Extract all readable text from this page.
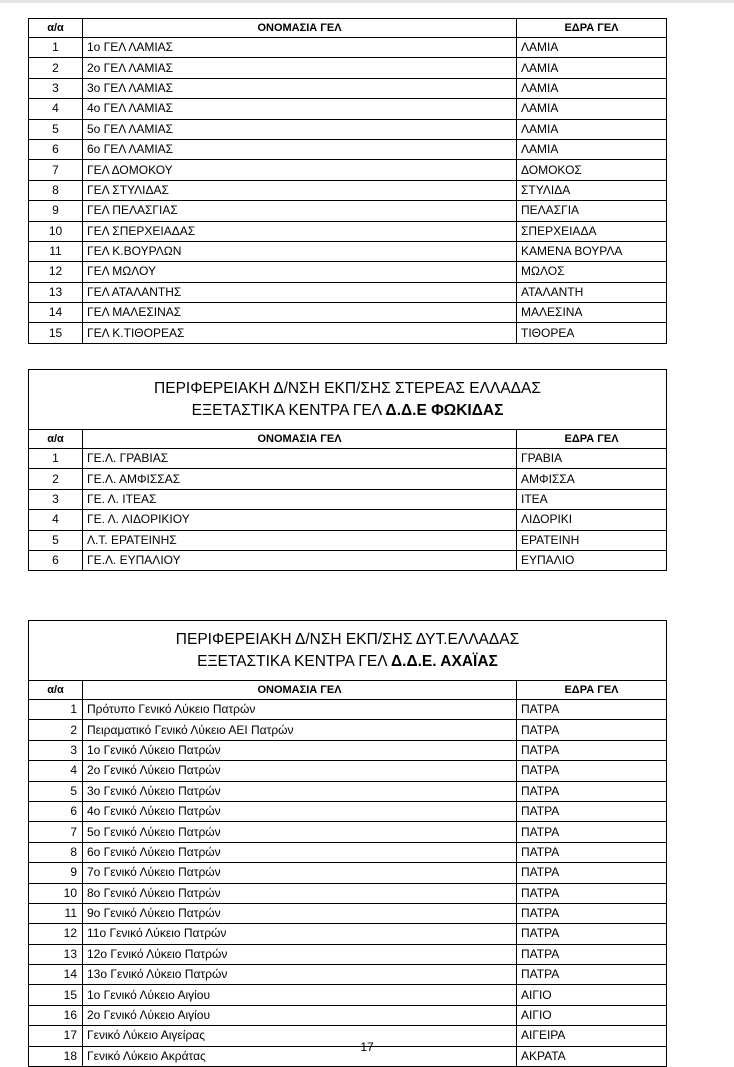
α/α	ΟΝΟΜΑΣΙΑ ΓΕΛ	ΕΔΡΑ ΓΕΛ
1	1ο ΓΕΛ ΛΑΜΙΑΣ	ΛΑΜΙΑ
2	2ο ΓΕΛ ΛΑΜΙΑΣ	ΛΑΜΙΑ
3	3ο ΓΕΛ ΛΑΜΙΑΣ	ΛΑΜΙΑ
4	4ο ΓΕΛ ΛΑΜΙΑΣ	ΛΑΜΙΑ
5	5ο ΓΕΛ ΛΑΜΙΑΣ	ΛΑΜΙΑ
6	6ο ΓΕΛ ΛΑΜΙΑΣ	ΛΑΜΙΑ
7	ΓΕΛ ΔΟΜΟΚΟΥ	ΔΟΜΟΚΟΣ
8	ΓΕΛ ΣΤΥΛΙΔΑΣ	ΣΤΥΛΙΔΑ
9	ΓΕΛ ΠΕΛΑΣΓΙΑΣ	ΠΕΛΑΣΓΙΑ
10	ΓΕΛ ΣΠΕΡΧΕΙΑΔΑΣ	ΣΠΕΡΧΕΙΑΔΑ
11	ΓΕΛ Κ.ΒΟΥΡΛΩΝ	ΚΑΜΕΝΑ ΒΟΥΡΛΑ
12	ΓΕΛ ΜΩΛΟΥ	ΜΩΛΟΣ
13	ΓΕΛ ΑΤΑΛΑΝΤΗΣ	ΑΤΑΛΑΝΤΗ
14	ΓΕΛ ΜΑΛΕΣΙΝΑΣ	ΜΑΛΕΣΙΝΑ
15	ΓΕΛ Κ.ΤΙΘΟΡΕΑΣ	ΤΙΘΟΡΕΑ
ΠΕΡΙΦΕΡΕΙΑΚΗ Δ/ΝΣΗ ΕΚΠ/ΣΗΣ ΣΤΕΡΕΑΣ ΕΛΛΑΔΑΣ
ΕΞΕΤΑΣΤΙΚΑ ΚΕΝΤΡΑ ΓΕΛ Δ.Δ.Ε ΦΩΚΙΔΑΣ		

α/α	ΟΝΟΜΑΣΙΑ ΓΕΛ	ΕΔΡΑ ΓΕΛ
1	ΓΕ.Λ. ΓΡΑΒΙΑΣ	ΓΡΑΒΙΑ
2	ΓΕ.Λ. ΑΜΦΙΣΣΑΣ	ΑΜΦΙΣΣΑ
3	ΓΕ. Λ. ΙΤΕΑΣ	ΙΤΕΑ
4	ΓΕ. Λ. ΛΙΔΟΡΙΚΙΟΥ	ΛΙΔΟΡΙΚΙ
5	Λ.Τ. ΕΡΑΤΕΙΝΗΣ	ΕΡΑΤΕΙΝΗ
6	ΓΕ.Λ. ΕΥΠΑΛΙΟΥ	ΕΥΠΑΛΙΟ
ΠΕΡΙΦΕΡΕΙΑΚΗ Δ/ΝΣΗ ΕΚΠ/ΣΗΣ ΔΥΤ.ΕΛΛΑΔΑΣ
ΕΞΕΤΑΣΤΙΚΑ ΚΕΝΤΡΑ ΓΕΛ Δ.Δ.Ε. ΑΧΑΪΑΣ		

α/α	ΟΝΟΜΑΣΙΑ ΓΕΛ	ΕΔΡΑ ΓΕΛ
1	Πρότυπο Γενικό Λύκειο Πατρών	ΠΑΤΡΑ
2	Πειραματικό Γενικό Λύκειο ΑΕΙ Πατρών	ΠΑΤΡΑ
3	1ο Γενικό Λύκειο Πατρών	ΠΑΤΡΑ
4	2ο Γενικό Λύκειο Πατρών	ΠΑΤΡΑ
5	3ο Γενικό Λύκειο Πατρών	ΠΑΤΡΑ
6	4ο Γενικό Λύκειο Πατρών	ΠΑΤΡΑ
7	5ο Γενικό Λύκειο Πατρών	ΠΑΤΡΑ
8	6ο Γενικό Λύκειο Πατρών	ΠΑΤΡΑ
9	7ο Γενικό Λύκειο Πατρών	ΠΑΤΡΑ
10	8ο Γενικό Λύκειο Πατρών	ΠΑΤΡΑ
11	9ο Γενικό Λύκειο Πατρών	ΠΑΤΡΑ
12	11ο Γενικό Λύκειο Πατρών	ΠΑΤΡΑ
13	12ο Γενικό Λύκειο Πατρών	ΠΑΤΡΑ
14	13ο Γενικό Λύκειο Πατρών	ΠΑΤΡΑ
15	1ο Γενικό Λύκειο Αιγίου	ΑΙΓΙΟ
16	2ο Γενικό Λύκειο Αιγίου	ΑΙΓΙΟ
17	Γενικό Λύκειο Αιγείρας	ΑΙΓΕΙΡΑ
18	Γενικό Λύκειο Ακράτας	ΑΚΡΑΤΑ
17
